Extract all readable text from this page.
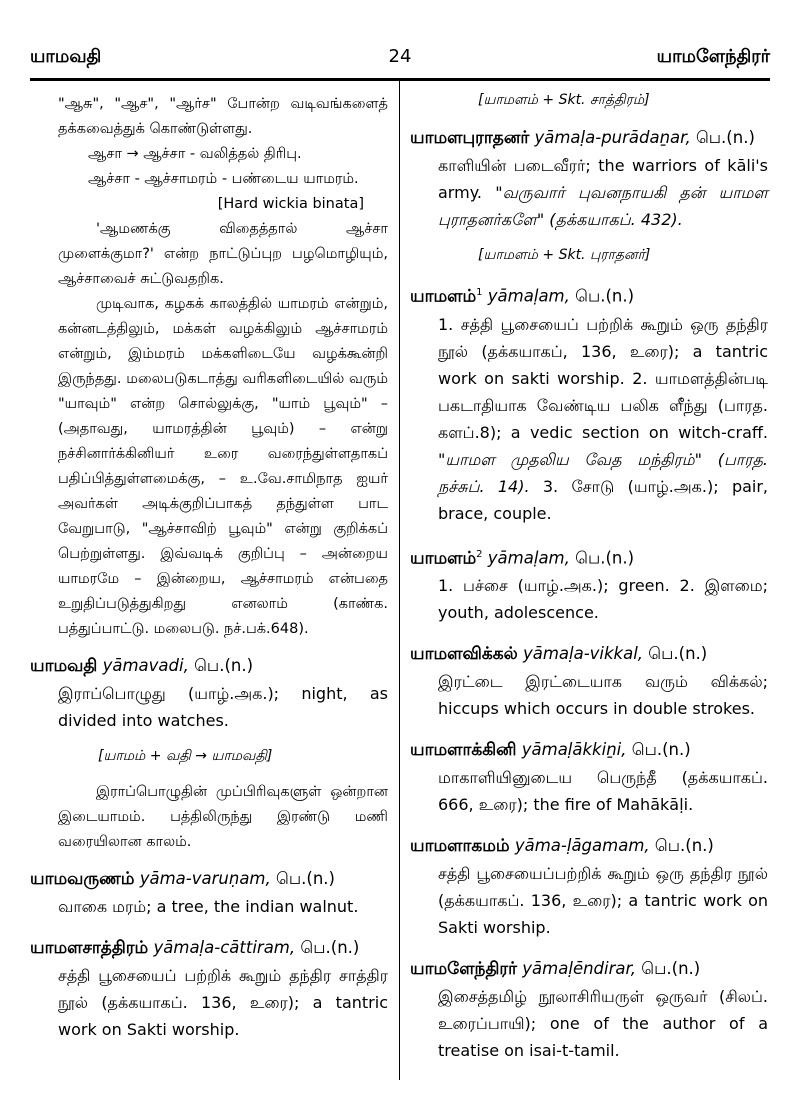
யாமவதி	24	யாமளேந்திரர்

"ஆசு", "ஆச", "ஆர்ச" போன்ற வடிவங்களைத் தக்கவைத்துக் கொண்டுள்ளது.

ஆசா → ஆச்சா - வலித்தல் திரிபு.

ஆச்சா - ஆச்சாமரம் - பண்டைய யாமரம்.

[Hard wickia binata]

'ஆமணக்கு விதைத்தால் ஆச்சா முளைக்குமா?' என்ற நாட்டுப்புற பழமொழியும், ஆச்சாவைச் சுட்டுவதறிக.

முடிவாக, கழகக் காலத்தில் யாமரம் என்றும், கன்னடத்திலும், மக்கள் வழக்கிலும் ஆச்சாமரம் என்றும், இம்மரம் மக்களிடையே வழக்கூன்றி இருந்தது. மலைபடுகடாத்து வரிகளிடையில் வரும் "யாவும்" என்ற சொல்லுக்கு, "யாம் பூவும்" – (அதாவது, யாமரத்தின் பூவும்) – என்று நச்சினார்க்கினியர் உரை வரைந்துள்ளதாகப் பதிப்பித்துள்ளமைக்கு, – உ.வே.சாமிநாத ஐயர் அவர்கள் அடிக்குறிப்பாகத் தந்துள்ள பாட வேறுபாடு, "ஆச்சாவிற் பூவும்" என்று குறிக்கப் பெற்றுள்ளது. இவ்வடிக் குறிப்பு – அன்றைய யாமரமே – இன்றைய, ஆச்சாமரம் என்பதை உறுதிப்படுத்துகிறது எனலாம் (காண்க. பத்துப்பாட்டு. மலைபடு. நச்.பக்.648).

யாமவதி yāmavadi, பெ.(n.)

இராப்பொழுது (யாழ்.அக.); night, as divided into watches.

[யாமம் + வதி → யாமவதி]

இராப்பொழுதின் முப்பிரிவுகளுள் ஒன்றான இடையாமம். பத்திலிருந்து இரண்டு மணி வரையிலான காலம்.

யாமவருணம் yāma-varuṇam, பெ.(n.)

வாகை மரம்; a tree, the indian walnut.

யாமளசாத்திரம் yāmaḷa-cāttiram, பெ.(n.)

சத்தி பூசையைப் பற்றிக் கூறும் தந்திர சாத்திர நூல் (தக்கயாகப். 136, உரை); a tantric work on Sakti worship.

[யாமளம் + Skt. சாத்திரம்]

யாமளபுராதனர் yāmaḷa-purādaṉar, பெ.(n.)

காளியின் படைவீரர்; the warriors of kāli's army. "வருவார் புவனநாயகி தன் யாமள புராதனர்களே" (தக்கயாகப். 432).

[யாமளம் + Skt. புராதனர்]

யாமளம்$^1$ yāmaḷam, பெ.(n.)

1. சத்தி பூசையைப் பற்றிக் கூறும் ஒரு தந்திர நூல் (தக்கயாகப், 136, உரை); a tantric work on sakti worship. 2. யாமளத்தின்படி பகடாதியாக வேண்டிய பலிக ளீந்து (பாரத. களப்.8); a vedic section on witch-craff. "யாமள முதலிய வேத மந்திரம்" (பாரத. நச்சுப். 14). 3. சோடு (யாழ்.அக.); pair, brace, couple.

யாமளம்$^2$ yāmaḷam, பெ.(n.)

1. பச்சை (யாழ்.அக.); green. 2. இளமை; youth, adolescence.

யாமளவிக்கல் yāmaḷa-vikkal, பெ.(n.)

இரட்டை இரட்டையாக வரும் விக்கல்; hiccups which occurs in double strokes.

யாமளாக்கினி yāmaḷākkiṉi, பெ.(n.)

மாகாளியினுடைய பெருந்தீ (தக்கயாகப். 666, உரை); the fire of Mahākāḷi.

யாமளாகமம் yāma-ḷāgamam, பெ.(n.)

சத்தி பூசையைப்பற்றிக் கூறும் ஒரு தந்திர நூல் (தக்கயாகப். 136, உரை); a tantric work on Sakti worship.

யாமளேந்திரர் yāmaḷēndirar, பெ.(n.)

இசைத்தமிழ் நூலாசிரியருள் ஒருவர் (சிலப். உரைப்பாயி); one of the author of a treatise on isai-t-tamil.
